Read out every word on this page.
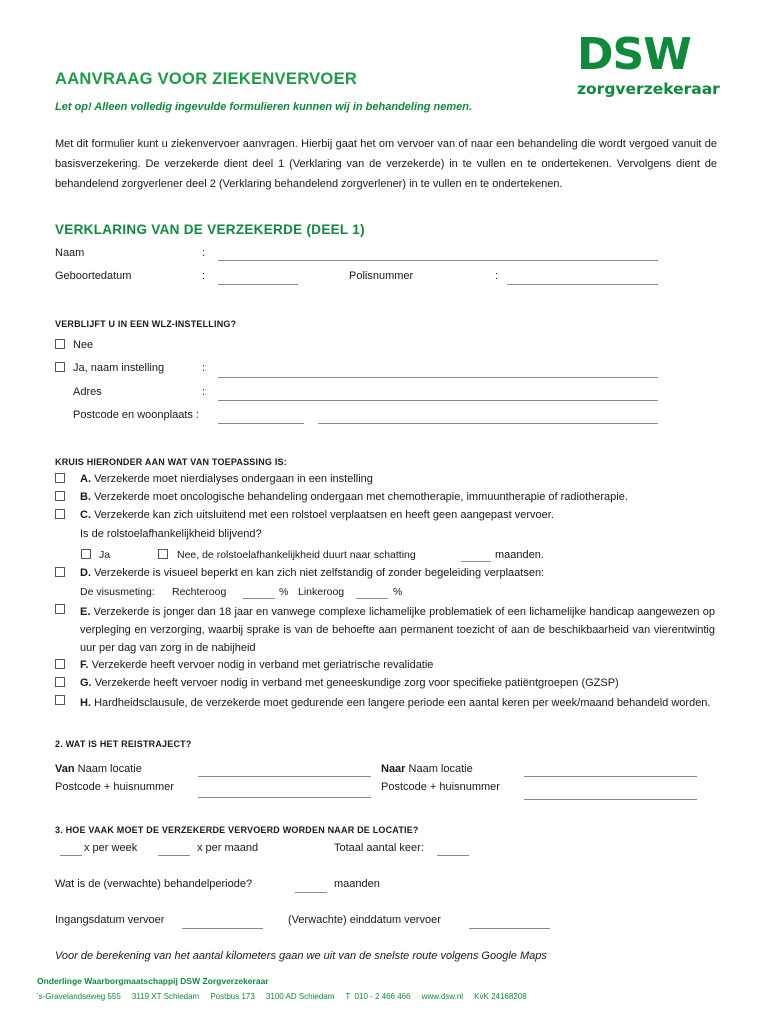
DSW
zorgverzekeraar
AANVRAAG VOOR ZIEKENVERVOER
Let op! Alleen volledig ingevulde formulieren kunnen wij in behandeling nemen.
Met dit formulier kunt u ziekenvervoer aanvragen. Hierbij gaat het om vervoer van of naar een behandeling die wordt vergoed vanuit de basisverzekering. De verzekerde dient deel 1 (Verklaring van de verzekerde) in te vullen en te ondertekenen. Vervolgens dient de behandelend zorgverlener deel 2 (Verklaring behandelend zorgverlener) in te vullen en te ondertekenen.
VERKLARING VAN DE VERZEKERDE (DEEL 1)
Naam	:
Geboortedatum	:	Polisnummer	:
VERBLIJFT U IN EEN WLZ-INSTELLING?
Nee
Ja, naam instelling	:
Adres	:
Postcode en woonplaats :
KRUIS HIERONDER AAN WAT VAN TOEPASSING IS:
A. Verzekerde moet nierdialyses ondergaan in een instelling
B. Verzekerde moet oncologische behandeling ondergaan met chemotherapie, immuuntherapie of radiotherapie.
C. Verzekerde kan zich uitsluitend met een rolstoel verplaatsen en heeft geen aangepast vervoer.
Is de rolstoelafhankelijkheid blijvend?
Ja	Nee, de rolstoelafhankelijkheid duurt naar schatting	maanden.
D. Verzekerde is visueel beperkt en kan zich niet zelfstandig of zonder begeleiding verplaatsen:
De visusmeting: Rechteroog	% Linkeroog	%
E. Verzekerde is jonger dan 18 jaar en vanwege complexe lichamelijke problematiek of een lichamelijke handicap aangewezen op verpleging en verzorging, waarbij sprake is van de behoefte aan permanent toezicht of aan de beschikbaarheid van vierentwintig uur per dag van zorg in de nabijheid
F. Verzekerde heeft vervoer nodig in verband met geriatrische revalidatie
G. Verzekerde heeft vervoer nodig in verband met geneeskundige zorg voor specifieke patiëntgroepen (GZSP)
H. Hardheidsclausule, de verzekerde moet gedurende een langere periode een aantal keren per week/maand behandeld worden.
2. WAT IS HET REISTRAJECT?
Van Naam locatie
Postcode + huisnummer
Naar Naam locatie
Postcode + huisnummer
3. HOE VAAK MOET DE VERZEKERDE VERVOERD WORDEN NAAR DE LOCATIE?
x per week	x per maand	Totaal aantal keer:
Wat is de (verwachte) behandelperiode?	maanden
Ingangsdatum vervoer	(Verwachte) einddatum vervoer
Voor de berekening van het aantal kilometers gaan we uit van de snelste route volgens Google Maps
Onderlinge Waarborgmaatschappij DSW Zorgverzekeraar
's-Gravelandseweg 555     3119 XT Schiedam     Postbus 173     3100 AD Schiedam     T  010 - 2 466 466     www.dsw.nl     KvK 24168208
